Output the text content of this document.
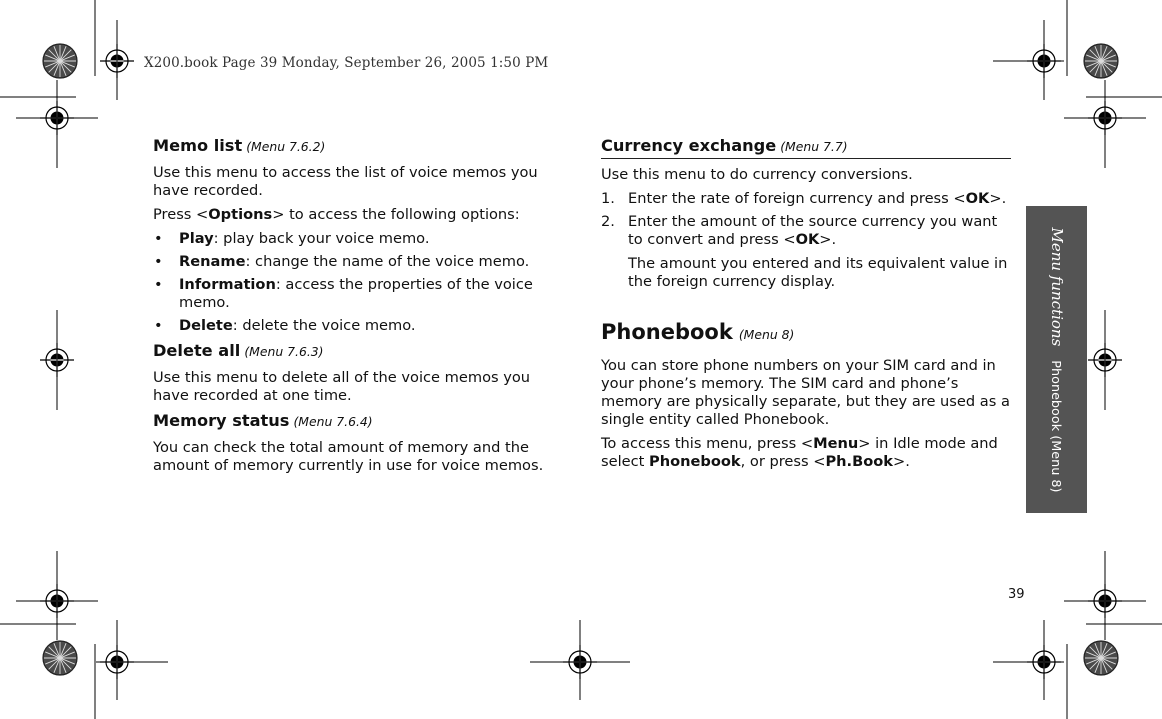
X200.book Page 39 Monday, September 26, 2005 1:50 PM
Memo list (Menu 7.6.2)

Use this menu to access the list of voice memos you have recorded.

Press <Options> to access the following options:

• Play: play back your voice memo.
• Rename: change the name of the voice memo.
• Information: access the properties of the voice memo.
• Delete: delete the voice memo.
Delete all (Menu 7.6.3)

Use this menu to delete all of the voice memos you have recorded at one time.

Memory status (Menu 7.6.4)

You can check the total amount of memory and the amount of memory currently in use for voice memos.

Currency exchange (Menu 7.7)

Use this menu to do currency conversions.

1. Enter the rate of foreign currency and press <OK>.
2. Enter the amount of the source currency you want to convert and press <OK>.

The amount you entered and its equivalent value in the foreign currency display.

Phonebook (Menu 8)

You can store phone numbers on your SIM card and in your phone’s memory. The SIM card and phone’s memory are physically separate, but they are used as a single entity called Phonebook.

To access this menu, press <Menu> in Idle mode and select Phonebook, or press <Ph.Book>.

Menu functionsPhonebook (Menu 8)
39
